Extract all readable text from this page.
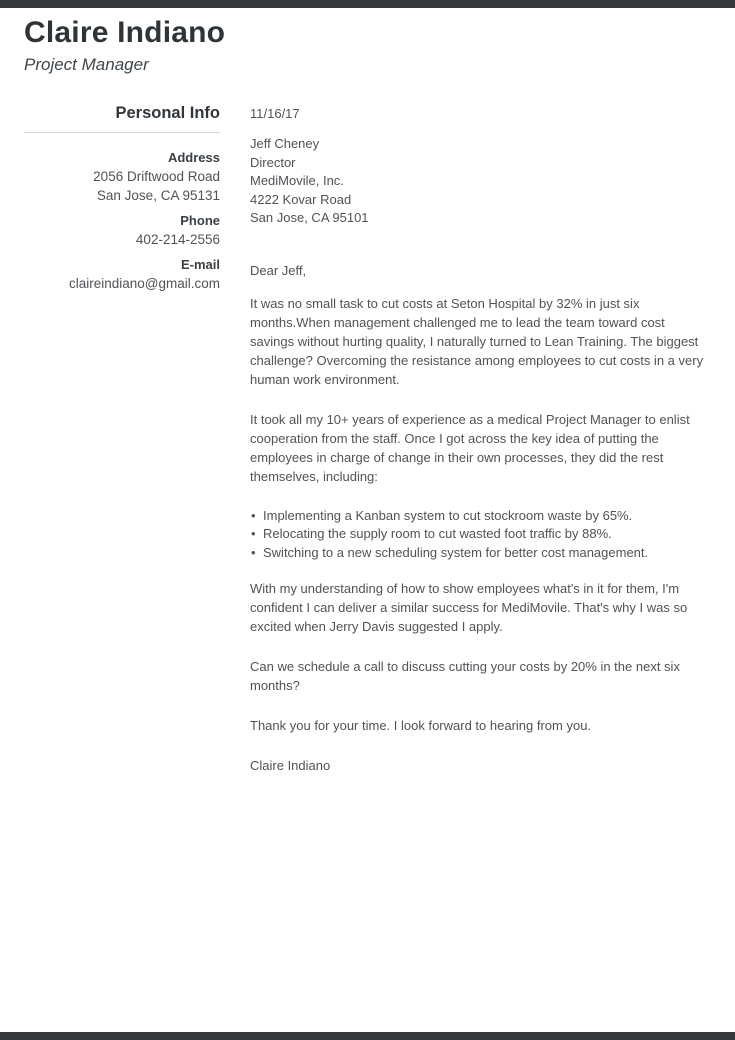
Claire Indiano
Project Manager
Personal Info
Address
2056 Driftwood Road
San Jose, CA 95131
Phone
402-214-2556
E-mail
claireindiano@gmail.com
11/16/17
Jeff Cheney
Director
MediMovile, Inc.
4222 Kovar Road
San Jose, CA 95101

Dear Jeff,

It was no small task to cut costs at Seton Hospital by 32% in just six months.When management challenged me to lead the team toward cost savings without hurting quality, I naturally turned to Lean Training. The biggest challenge? Overcoming the resistance among employees to cut costs in a very human work environment.

It took all my 10+ years of experience as a medical Project Manager to enlist cooperation from the staff. Once I got across the key idea of putting the employees in charge of change in their own processes, they did the rest themselves, including:

• Implementing a Kanban system to cut stockroom waste by 65%.
• Relocating the supply room to cut wasted foot traffic by 88%.
• Switching to a new scheduling system for better cost management.

With my understanding of how to show employees what's in it for them, I'm confident I can deliver a similar success for MediMovile. That's why I was so excited when Jerry Davis suggested I apply.

Can we schedule a call to discuss cutting your costs by 20% in the next six months?

Thank you for your time. I look forward to hearing from you.

Claire Indiano
